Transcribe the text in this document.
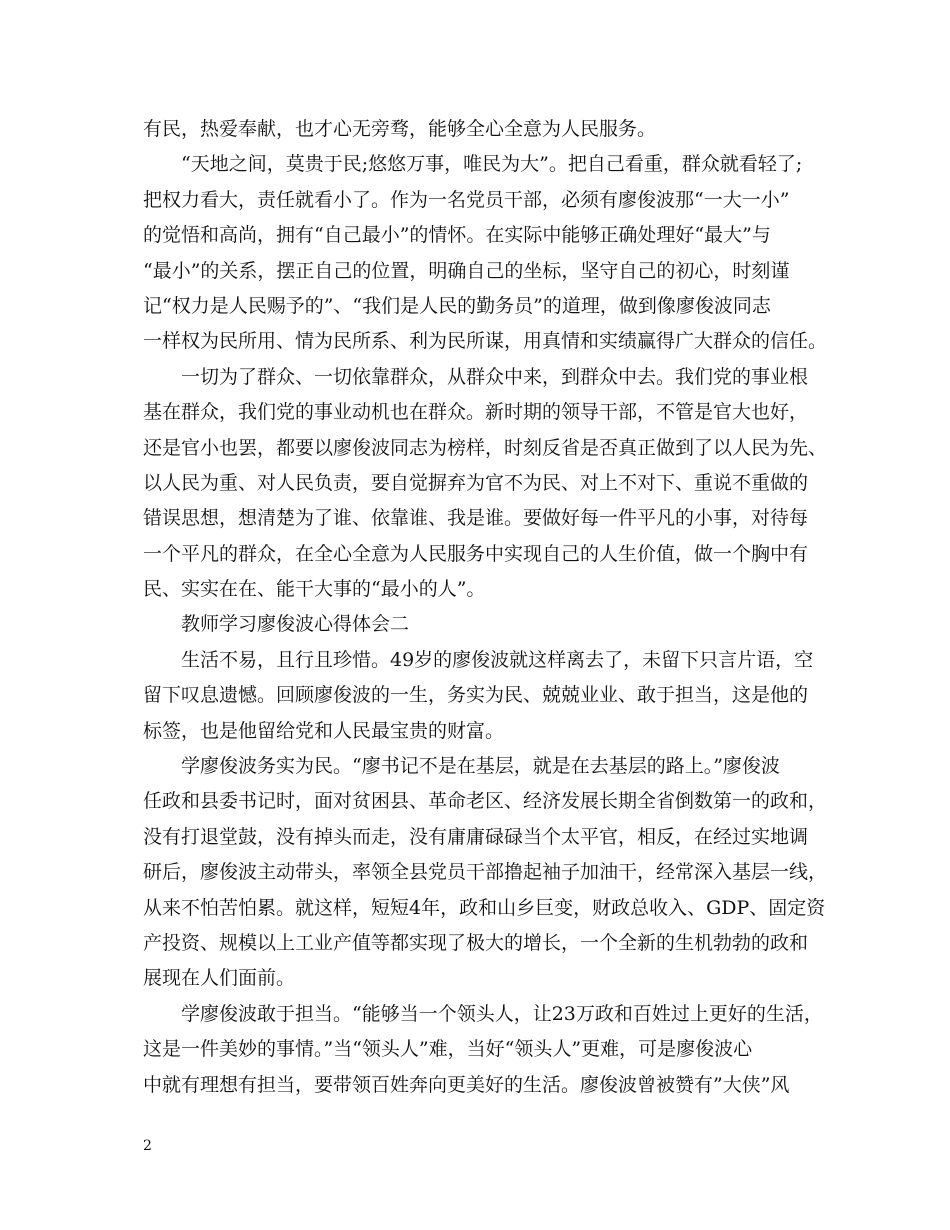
有民，热爱奉献，也才心无旁骛，能够全心全意为人民服务。
“天地之间，莫贵于民;悠悠万事，唯民为大”。把自己看重，群众就看轻了;
把权力看大，责任就看小了。作为一名党员干部，必须有廖俊波那“一大一小”
的觉悟和高尚，拥有“自己最小”的情怀。在实际中能够正确处理好“最大”与
“最小”的关系，摆正自己的位置，明确自己的坐标，坚守自己的初心，时刻谨
记“权力是人民赐予的”、“我们是人民的勤务员”的道理，做到像廖俊波同志
一样权为民所用、情为民所系、利为民所谋，用真情和实绩赢得广大群众的信任。
一切为了群众、一切依靠群众，从群众中来，到群众中去。我们党的事业根
基在群众，我们党的事业动机也在群众。新时期的领导干部，不管是官大也好，
还是官小也罢，都要以廖俊波同志为榜样，时刻反省是否真正做到了以人民为先、
以人民为重、对人民负责，要自觉摒弃为官不为民、对上不对下、重说不重做的
错误思想，想清楚为了谁、依靠谁、我是谁。要做好每一件平凡的小事，对待每
一个平凡的群众，在全心全意为人民服务中实现自己的人生价值，做一个胸中有
民、实实在在、能干大事的“最小的人”。
教师学习廖俊波心得体会二
生活不易，且行且珍惜。49岁的廖俊波就这样离去了，未留下只言片语，空
留下叹息遗憾。回顾廖俊波的一生，务实为民、兢兢业业、敢于担当，这是他的
标签，也是他留给党和人民最宝贵的财富。
学廖俊波务实为民。“廖书记不是在基层，就是在去基层的路上。”廖俊波
任政和县委书记时，面对贫困县、革命老区、经济发展长期全省倒数第一的政和，
没有打退堂鼓，没有掉头而走，没有庸庸碌碌当个太平官，相反，在经过实地调
研后，廖俊波主动带头，率领全县党员干部撸起袖子加油干，经常深入基层一线，
从来不怕苦怕累。就这样，短短4年，政和山乡巨变，财政总收入、GDP、固定资
产投资、规模以上工业产值等都实现了极大的增长，一个全新的生机勃勃的政和
展现在人们面前。
学廖俊波敢于担当。“能够当一个领头人，让23万政和百姓过上更好的生活，
这是一件美妙的事情。”当“领头人”难，当好“领头人”更难，可是廖俊波心
中就有理想有担当，要带领百姓奔向更美好的生活。廖俊波曾被赞有”大侠”风
2
